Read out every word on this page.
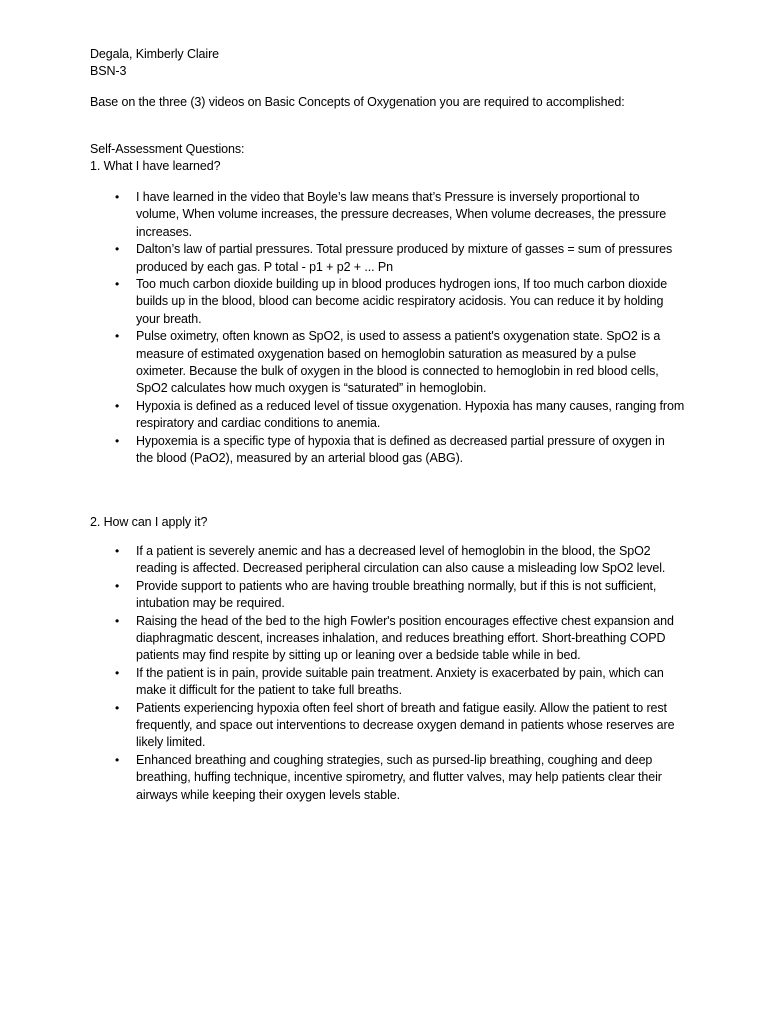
Degala, Kimberly Claire

BSN-3

Base on the three (3) videos on Basic Concepts of Oxygenation you are required to accomplished:

Self-Assessment Questions:

1. What I have learned?

• I have learned in the video that Boyle’s law means that’s Pressure is inversely proportional to volume, When volume increases, the pressure decreases, When volume decreases, the pressure increases.
• Dalton’s law of partial pressures. Total pressure produced by mixture of gasses = sum of pressures produced by each gas. P total - p1 + p2 + ... Pn
• Too much carbon dioxide building up in blood produces hydrogen ions, If too much carbon dioxide builds up in the blood, blood can become acidic respiratory acidosis. You can reduce it by holding your breath.
• Pulse oximetry, often known as SpO2, is used to assess a patient's oxygenation state. SpO2 is a measure of estimated oxygenation based on hemoglobin saturation as measured by a pulse oximeter. Because the bulk of oxygen in the blood is connected to hemoglobin in red blood cells, SpO2 calculates how much oxygen is “saturated” in hemoglobin.
• Hypoxia is defined as a reduced level of tissue oxygenation. Hypoxia has many causes, ranging from respiratory and cardiac conditions to anemia.
• Hypoxemia is a specific type of hypoxia that is defined as decreased partial pressure of oxygen in the blood (PaO2), measured by an arterial blood gas (ABG).

2. How can I apply it?

• If a patient is severely anemic and has a decreased level of hemoglobin in the blood, the SpO2 reading is affected. Decreased peripheral circulation can also cause a misleading low SpO2 level.
• Provide support to patients who are having trouble breathing normally, but if this is not sufficient, intubation may be required.
• Raising the head of the bed to the high Fowler's position encourages effective chest expansion and diaphragmatic descent, increases inhalation, and reduces breathing effort. Short-breathing COPD patients may find respite by sitting up or leaning over a bedside table while in bed.
• If the patient is in pain, provide suitable pain treatment. Anxiety is exacerbated by pain, which can make it difficult for the patient to take full breaths.
• Patients experiencing hypoxia often feel short of breath and fatigue easily. Allow the patient to rest frequently, and space out interventions to decrease oxygen demand in patients whose reserves are likely limited.
• Enhanced breathing and coughing strategies, such as pursed-lip breathing, coughing and deep breathing, huffing technique, incentive spirometry, and flutter valves, may help patients clear their airways while keeping their oxygen levels stable.
